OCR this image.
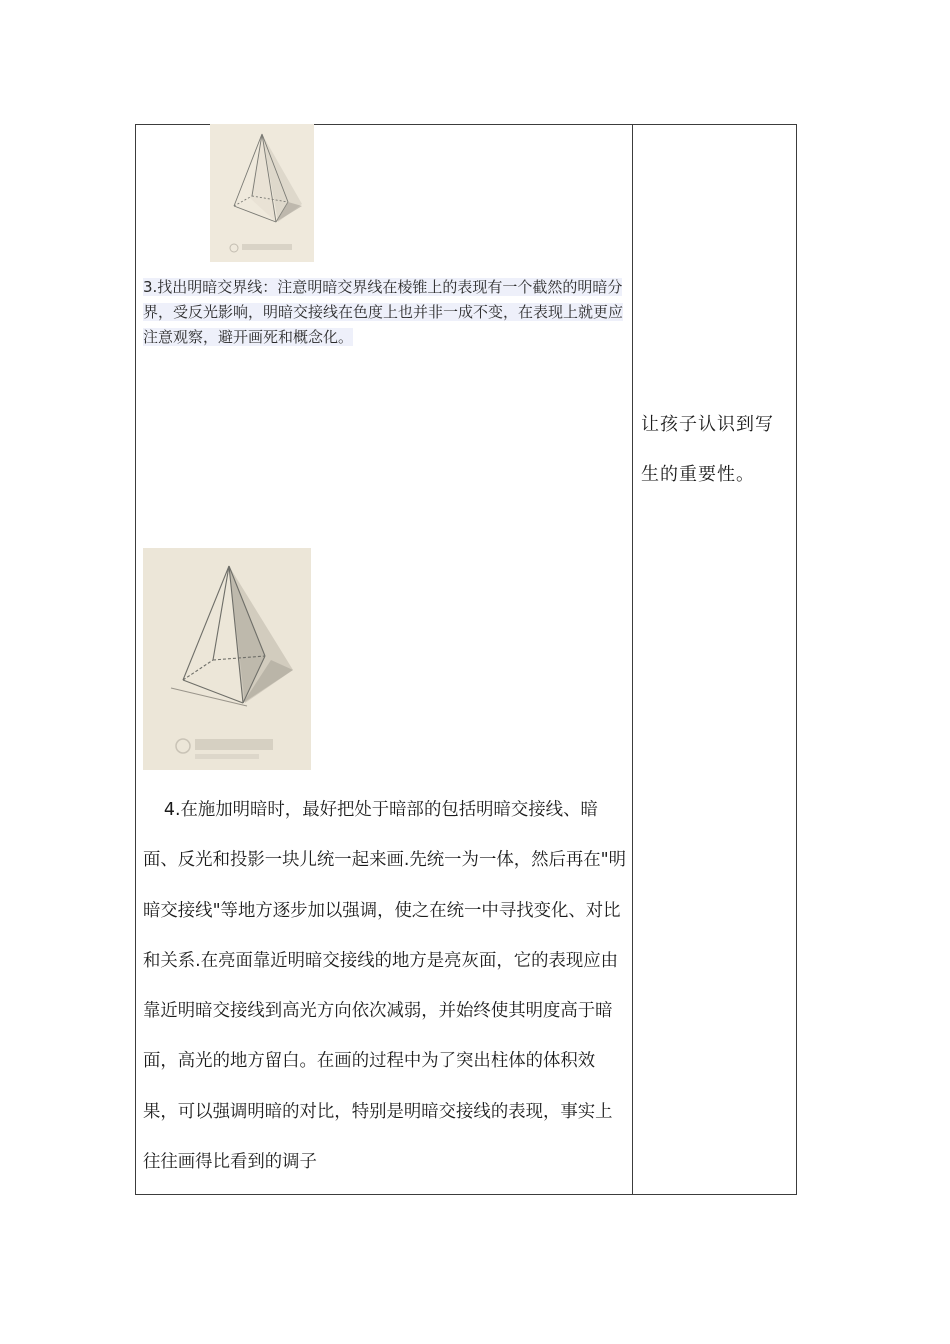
3.找出明暗交界线：注意明暗交界线在棱锥上的表现有一个截然的明暗分界，受反光影响，明暗交接线在色度上也并非一成不变，在表现上就更应注意观察，避开画死和概念化。
让孩子认识到写生的重要性。
4.在施加明暗时，最好把处于暗部的包括明暗交接线、暗面、反光和投影一块儿统一起来画.先统一为一体，然后再在"明暗交接线"等地方逐步加以强调，使之在统一中寻找变化、对比和关系.在亮面靠近明暗交接线的地方是亮灰面，它的表现应由靠近明暗交接线到高光方向依次减弱，并始终使其明度高于暗面，高光的地方留白。在画的过程中为了突出柱体的体积效果，可以强调明暗的对比，特别是明暗交接线的表现，事实上往往画得比看到的调子
